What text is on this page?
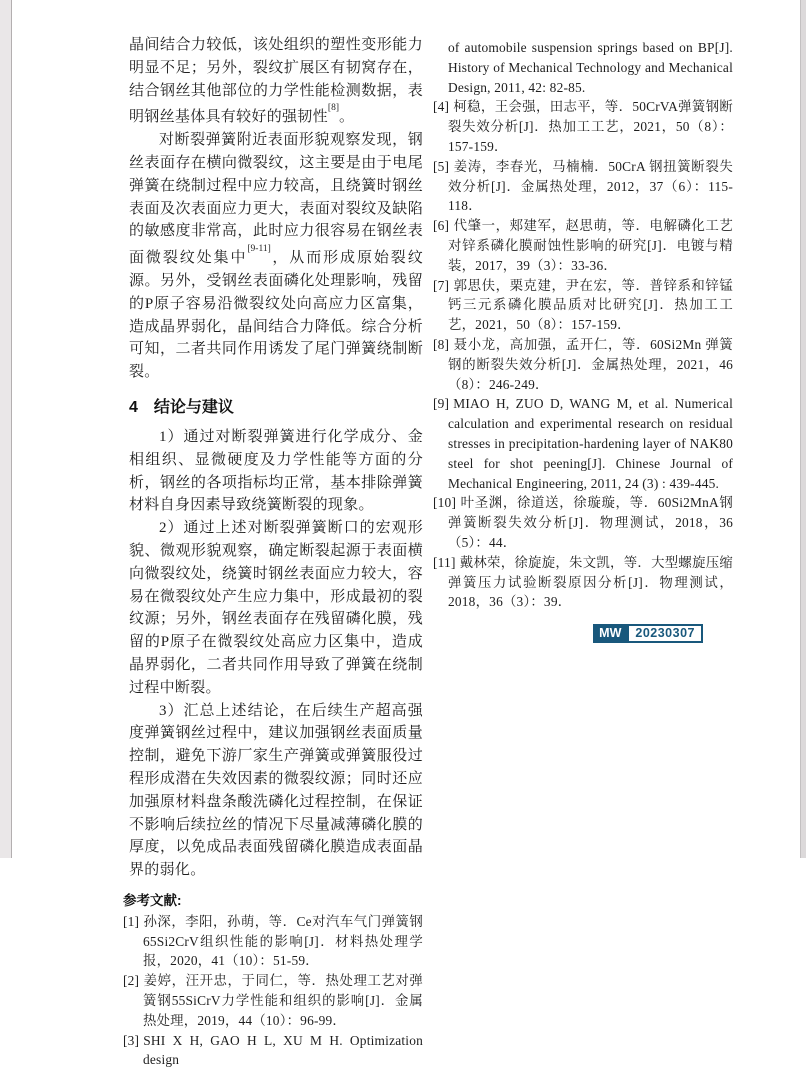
晶间结合力较低，该处组织的塑性变形能力明显不足；另外，裂纹扩展区有韧窝存在，结合钢丝其他部位的力学性能检测数据，表明钢丝基体具有较好的强韧性[8]。

对断裂弹簧附近表面形貌观察发现，钢丝表面存在横向微裂纹，这主要是由于电尾弹簧在绕制过程中应力较高，且绕簧时钢丝表面及次表面应力更大，表面对裂纹及缺陷的敏感度非常高，此时应力很容易在钢丝表面微裂纹处集中[9-11]，从而形成原始裂纹源。另外，受钢丝表面磷化处理影响，残留的P原子容易沿微裂纹处向高应力区富集，造成晶界弱化，晶间结合力降低。综合分析可知，二者共同作用诱发了尾门弹簧绕制断裂。

4 结论与建议

1）通过对断裂弹簧进行化学成分、金相组织、显微硬度及力学性能等方面的分析，钢丝的各项指标均正常，基本排除弹簧材料自身因素导致绕簧断裂的现象。

2）通过上述对断裂弹簧断口的宏观形貌、微观形貌观察，确定断裂起源于表面横向微裂纹处，绕簧时钢丝表面应力较大，容易在微裂纹处产生应力集中，形成最初的裂纹源；另外，钢丝表面存在残留磷化膜，残留的P原子在微裂纹处高应力区集中，造成晶界弱化，二者共同作用导致了弹簧在绕制过程中断裂。

3）汇总上述结论，在后续生产超高强度弹簧钢丝过程中，建议加强钢丝表面质量控制，避免下游厂家生产弹簧或弹簧服役过程形成潜在失效因素的微裂纹源；同时还应加强原材料盘条酸洗磷化过程控制，在保证不影响后续拉丝的情况下尽量减薄磷化膜的厚度，以免成品表面残留磷化膜造成表面晶界的弱化。

参考文献:
[1] 孙深，李阳，孙萌，等．Ce对汽车气门弹簧钢65Si2CrV组织性能的影响[J]．材料热处理学报，2020，41（10）：51-59．
[2] 姜婷，汪开忠，于同仁，等．热处理工艺对弹簧钢55SiCrV力学性能和组织的影响[J]．金属热处理，2019，44（10）：96-99．
[3] SHI X H, GAO H L, XU M H. Optimization design
of automobile suspension springs based on BP[J]. History of Mechanical Technology and Mechanical Design, 2011, 42: 82-85.
[4] 柯稳，王会强，田志平，等．50CrVA弹簧钢断裂失效分析[J]．热加工工艺，2021，50（8）：157-159．
[5] 姜涛，李春光，马楠楠．50CrA 钢扭簧断裂失效分析[J]．金属热处理，2012，37（6）：115-118．
[6] 代肇一，郏建军，赵思萌，等．电解磷化工艺对锌系磷化膜耐蚀性影响的研究[J]．电镀与精装，2017，39（3）：33-36．
[7] 郭思伕，栗克建，尹在宏，等．普锌系和锌锰钙三元系磷化膜品质对比研究[J]．热加工工艺，2021，50（8）：157-159．
[8] 聂小龙，高加强，孟开仁，等．60Si2Mn 弹簧钢的断裂失效分析[J]．金属热处理，2021，46（8）：246-249．
[9] MIAO H, ZUO D, WANG M, et al. Numerical calculation and experimental research on residual stresses in precipitation-hardening layer of NAK80 steel for shot peening[J]. Chinese Journal of Mechanical Engineering, 2011, 24 (3) : 439-445.
[10] 叶圣渊，徐道送，徐璇璇，等．60Si2MnA钢弹簧断裂失效分析[J]．物理测试，2018，36（5）：44．
[11] 戴林荣，徐旋旋，朱文凯，等．大型螺旋压缩弹簧压力试验断裂原因分析[J]．物理测试，2018，36（3）：39．
MW	20230307
